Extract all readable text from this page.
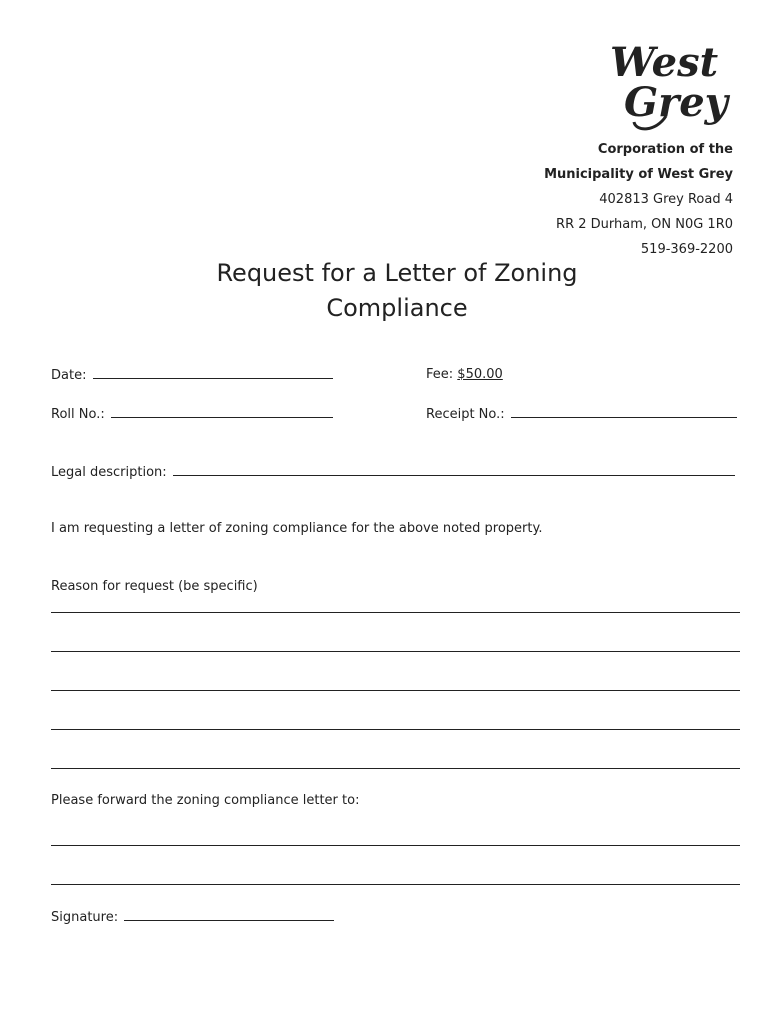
West
Grey
Corporation of the
Municipality of West Grey
402813 Grey Road 4
RR 2 Durham, ON N0G 1R0
519-369-2200
Request for a Letter of Zoning
Compliance
Date:	Fee: $50.00
Roll No.:	Receipt No.:
Legal description:
I am requesting a letter of zoning compliance for the above noted property.
Reason for request (be specific)
Please forward the zoning compliance letter to:
Signature:
